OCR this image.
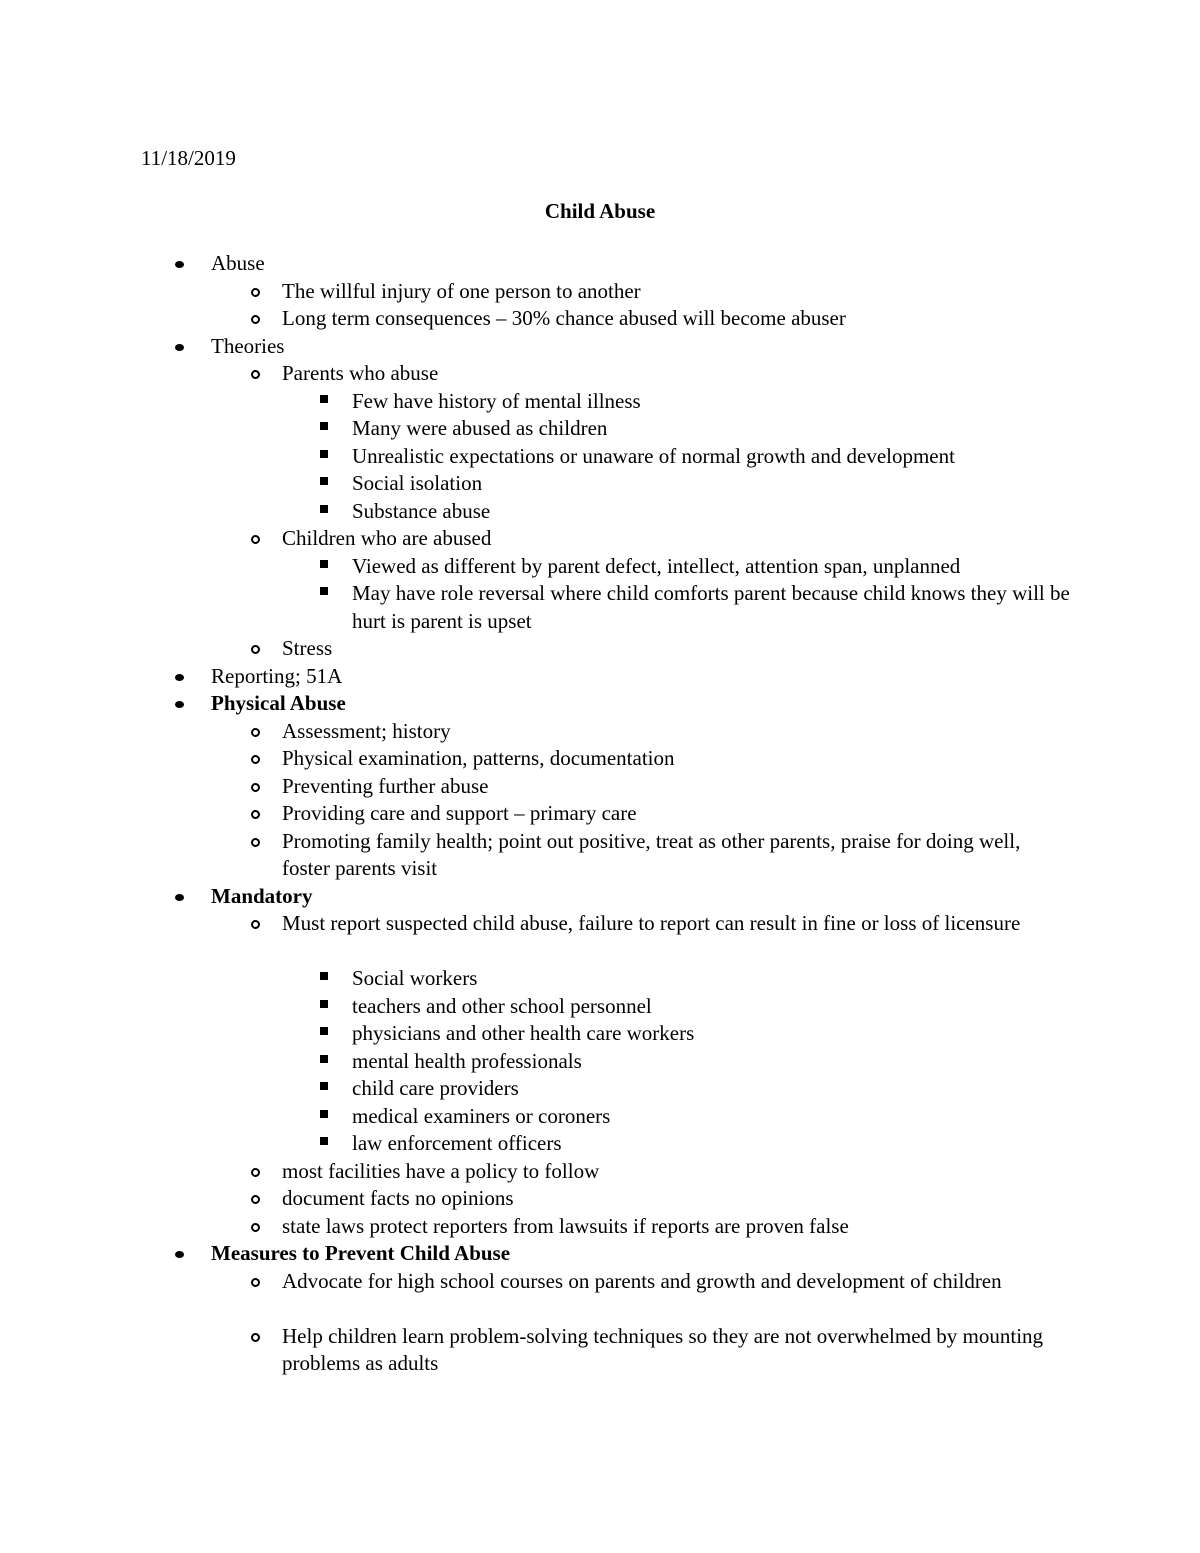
11/18/2019
Child Abuse
Abuse
The willful injury of one person to another
Long term consequences – 30% chance abused will become abuser
Theories
Parents who abuse
Few have history of mental illness
Many were abused as children
Unrealistic expectations or unaware of normal growth and development
Social isolation
Substance abuse
Children who are abused
Viewed as different by parent defect, intellect, attention span, unplanned
May have role reversal where child comforts parent because child knows they will be hurt is parent is upset
Stress
Reporting; 51A
Physical Abuse
Assessment; history
Physical examination, patterns, documentation
Preventing further abuse
Providing care and support – primary care
Promoting family health; point out positive, treat as other parents, praise for doing well, foster parents visit
Mandatory
Must report suspected child abuse, failure to report can result in fine or loss of licensure
Social workers
teachers and other school personnel
physicians and other health care workers
mental health professionals
child care providers
medical examiners or coroners
law enforcement officers
most facilities have a policy to follow
document facts no opinions
state laws protect reporters from lawsuits if reports are proven false
Measures to Prevent Child Abuse
Advocate for high school courses on parents and growth and development of children
Help children learn problem-solving techniques so they are not overwhelmed by mounting problems as adults
